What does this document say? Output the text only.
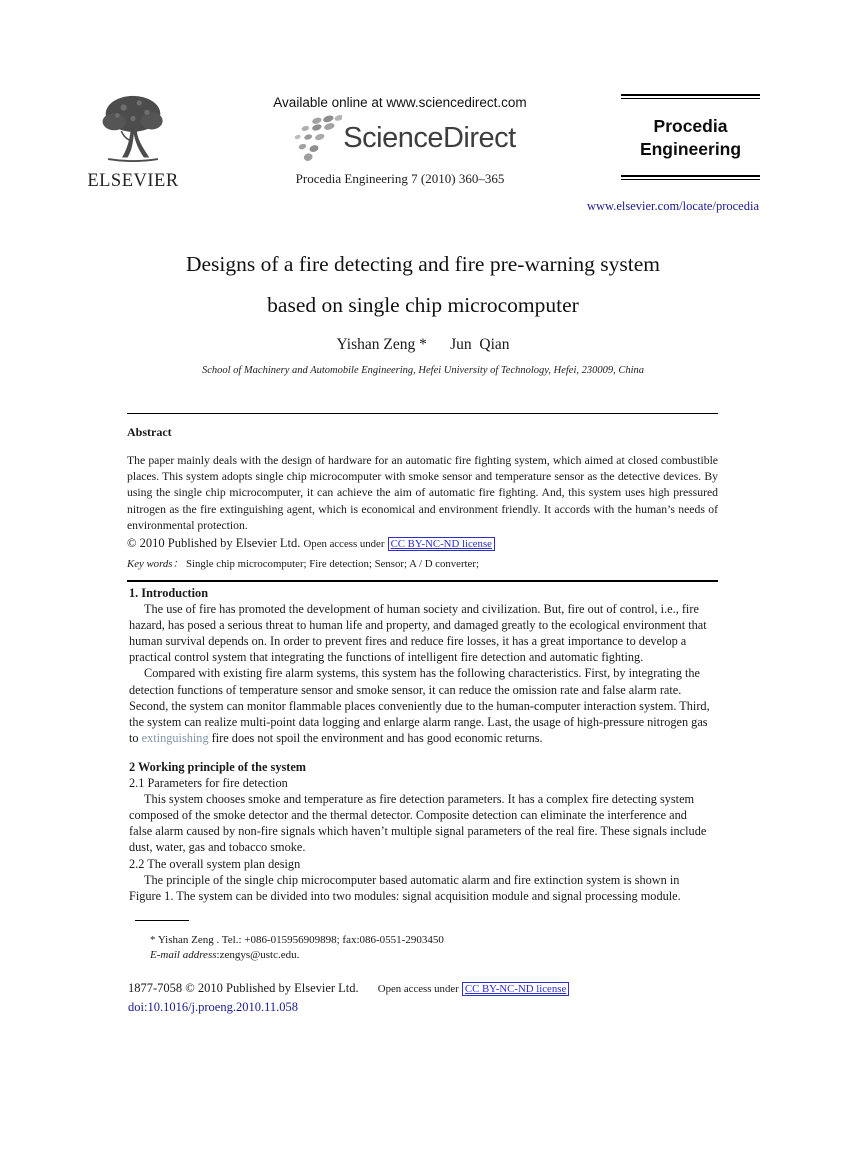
ELSEVIER
Available online at www.sciencedirect.com
ScienceDirect
Procedia Engineering 7 (2010) 360–365
Procedia
Engineering
www.elsevier.com/locate/procedia
Designs of a fire detecting and fire pre-warning system
based on single chip microcomputer
Yishan Zeng *      Jun  Qian
School of Machinery and Automobile Engineering, Hefei University of Technology, Hefei, 230009, China
Abstract
The paper mainly deals with the design of hardware for an automatic fire fighting system, which aimed at closed combustible places. This system adopts single chip microcomputer with smoke sensor and temperature sensor as the detective devices. By using the single chip microcomputer, it can achieve the aim of automatic fire fighting. And, this system uses high pressured nitrogen as the fire extinguishing agent, which is economical and environment friendly. It accords with the human’s needs of environmental protection.
© 2010 Published by Elsevier Ltd. Open access under CC BY-NC-ND license
Key words： Single chip microcomputer; Fire detection; Sensor; A / D converter;
1. Introduction
The use of fire has promoted the development of human society and civilization. But, fire out of control, i.e., fire hazard, has posed a serious threat to human life and property, and damaged greatly to the ecological environment that human survival depends on. In order to prevent fires and reduce fire losses, it has a great importance to develop a practical control system that integrating the functions of intelligent fire detection and automatic fighting.
Compared with existing fire alarm systems, this system has the following characteristics. First, by integrating the detection functions of temperature sensor and smoke sensor, it can reduce the omission rate and false alarm rate. Second, the system can monitor flammable places conveniently due to the human-computer interaction system. Third, the system can realize multi-point data logging and enlarge alarm range. Last, the usage of high-pressure nitrogen gas to extinguishing fire does not spoil the environment and has good economic returns.
2 Working principle of the system
2.1 Parameters for fire detection
This system chooses smoke and temperature as fire detection parameters. It has a complex fire detecting system composed of the smoke detector and the thermal detector. Composite detection can eliminate the interference and false alarm caused by non-fire signals which haven’t multiple signal parameters of the real fire. These signals include dust, water, gas and tobacco smoke.
2.2 The overall system plan design
The principle of the single chip microcomputer based automatic alarm and fire extinction system is shown in Figure 1. The system can be divided into two modules: signal acquisition module and signal processing module.
* Yishan Zeng . Tel.: +086-015956909898; fax:086-0551-2903450
E-mail address:zengys@ustc.edu.
1877-7058 © 2010 Published by Elsevier Ltd. Open access under CC BY-NC-ND license
doi:10.1016/j.proeng.2010.11.058
